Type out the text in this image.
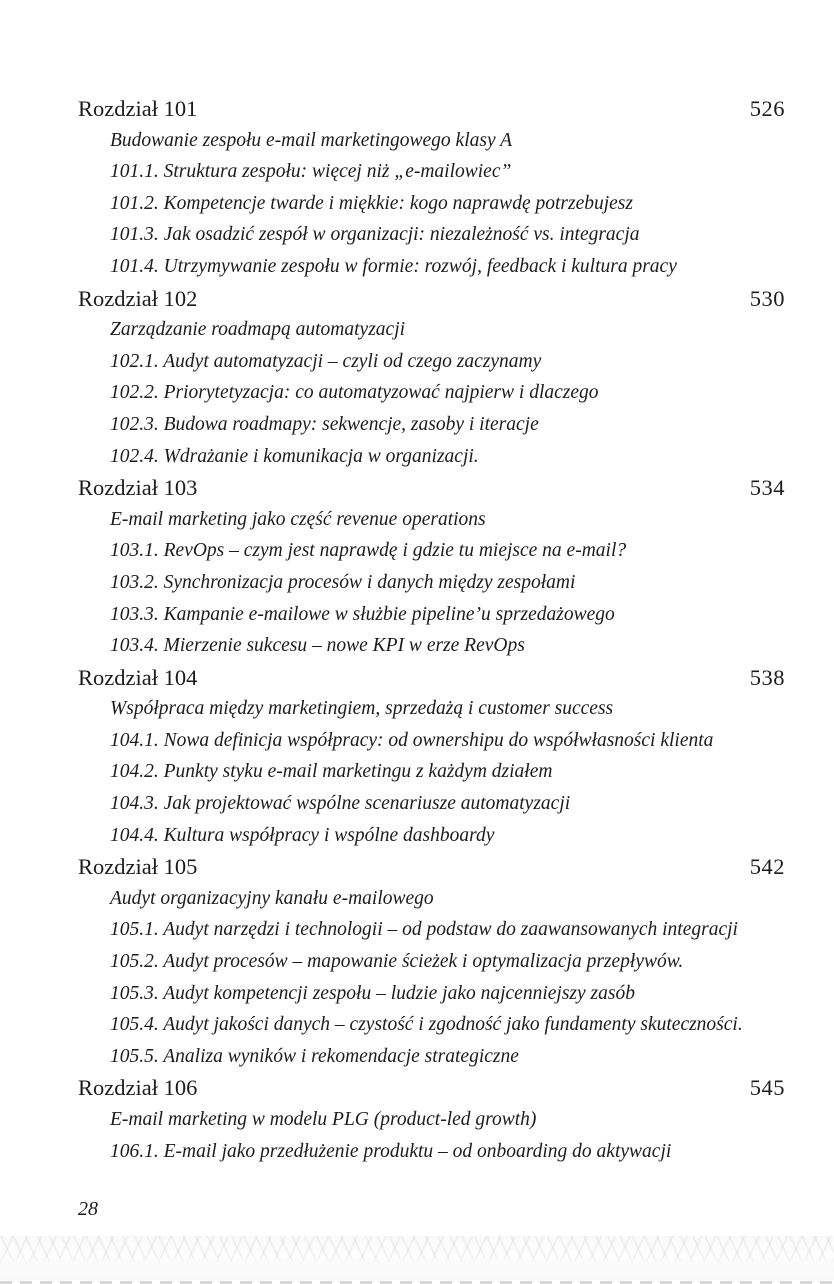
Rozdział 101	526
Budowanie zespołu e-mail marketingowego klasy A
101.1. Struktura zespołu: więcej niż „e-mailowiec”
101.2. Kompetencje twarde i miękkie: kogo naprawdę potrzebujesz
101.3. Jak osadzić zespół w organizacji: niezależność vs. integracja
101.4. Utrzymywanie zespołu w formie: rozwój, feedback i kultura pracy
Rozdział 102	530
Zarządzanie roadmapą automatyzacji
102.1. Audyt automatyzacji – czyli od czego zaczynamy
102.2. Priorytetyzacja: co automatyzować najpierw i dlaczego
102.3. Budowa roadmapy: sekwencje, zasoby i iteracje
102.4. Wdrażanie i komunikacja w organizacji.
Rozdział 103	534
E-mail marketing jako część revenue operations
103.1. RevOps – czym jest naprawdę i gdzie tu miejsce na e-mail?
103.2. Synchronizacja procesów i danych między zespołami
103.3. Kampanie e-mailowe w służbie pipeline’u sprzedażowego
103.4. Mierzenie sukcesu – nowe KPI w erze RevOps
Rozdział 104	538
Współpraca między marketingiem, sprzedażą i customer success
104.1. Nowa definicja współpracy: od ownershipu do współwłasności klienta
104.2. Punkty styku e-mail marketingu z każdym działem
104.3. Jak projektować wspólne scenariusze automatyzacji
104.4. Kultura współpracy i wspólne dashboardy
Rozdział 105	542
Audyt organizacyjny kanału e-mailowego
105.1. Audyt narzędzi i technologii – od podstaw do zaawansowanych integracji
105.2. Audyt procesów – mapowanie ścieżek i optymalizacja przepływów.
105.3. Audyt kompetencji zespołu – ludzie jako najcenniejszy zasób
105.4. Audyt jakości danych – czystość i zgodność jako fundamenty skuteczności.
105.5. Analiza wyników i rekomendacje strategiczne
Rozdział 106	545
E-mail marketing w modelu PLG (product-led growth)
106.1. E-mail jako przedłużenie produktu – od onboarding do aktywacji
28
